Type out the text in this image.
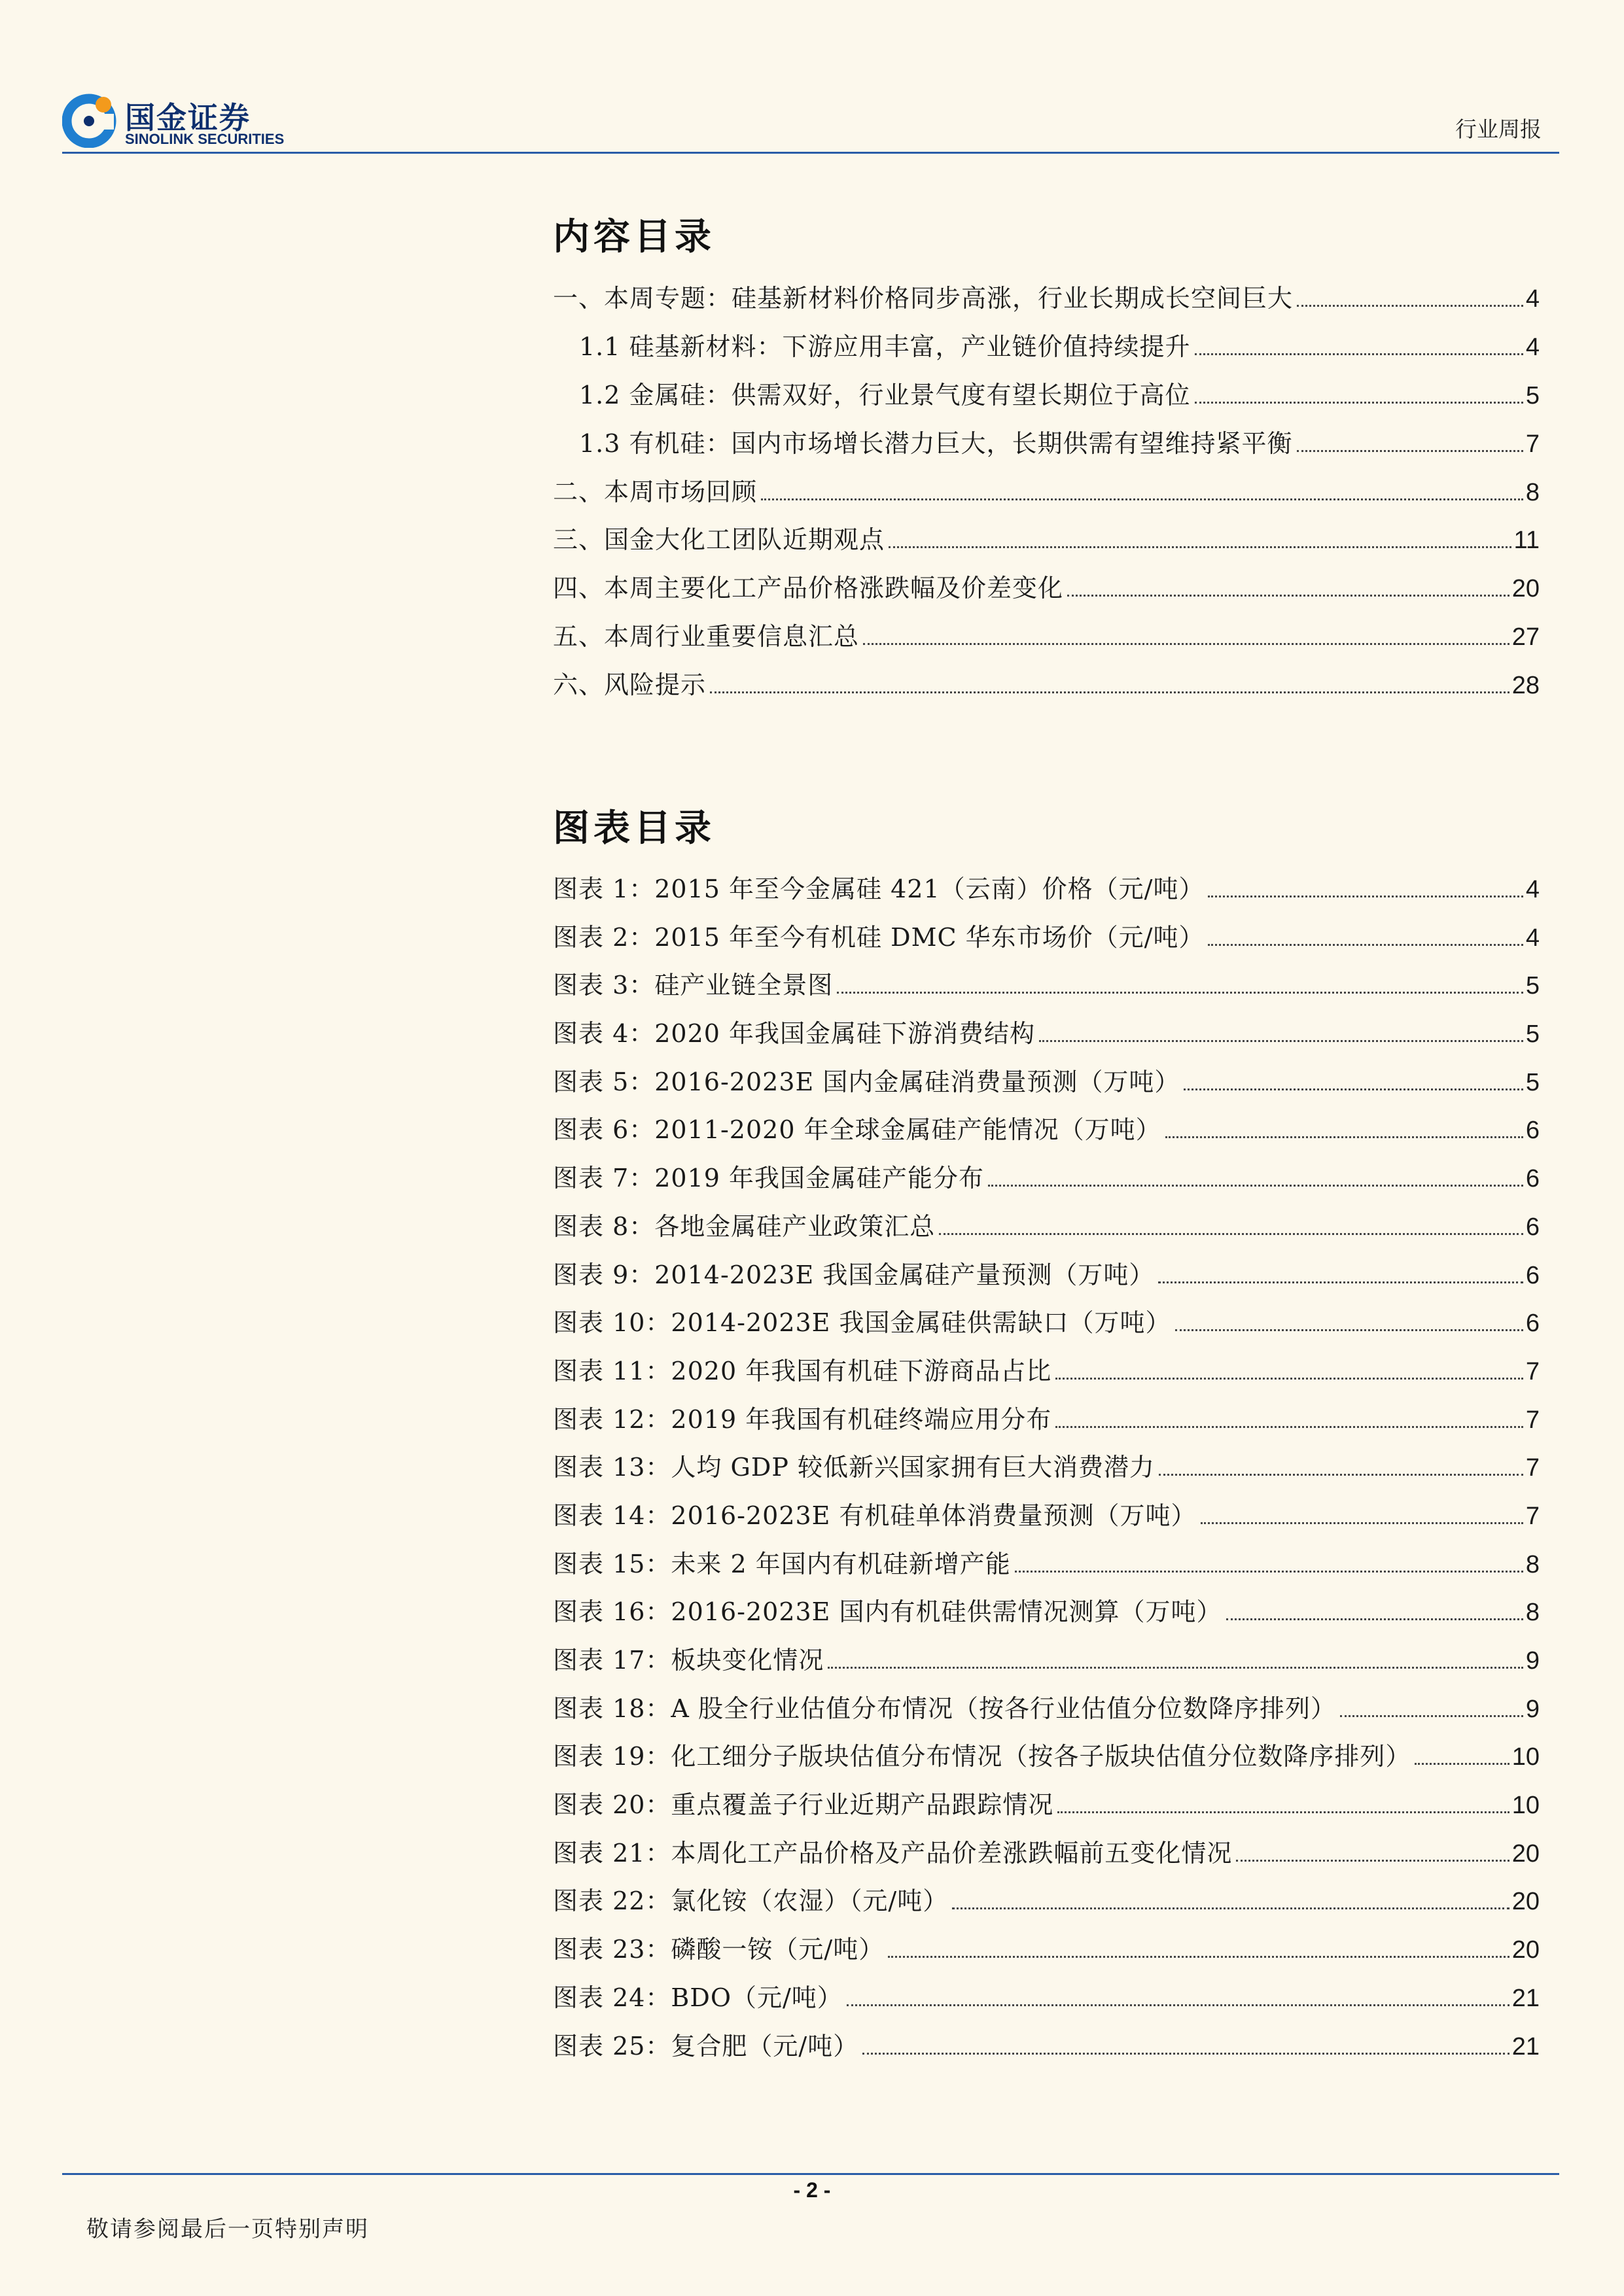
国金证券
SINOLINK SECURITIES	行业周报
内容目录
一、本周专题：硅基新材料价格同步高涨，行业长期成长空间巨大	4
1.1 硅基新材料：下游应用丰富，产业链价值持续提升	4
1.2 金属硅：供需双好，行业景气度有望长期位于高位	5
1.3 有机硅：国内市场增长潜力巨大，长期供需有望维持紧平衡	7
二、本周市场回顾	8
三、国金大化工团队近期观点	11
四、本周主要化工产品价格涨跌幅及价差变化	20
五、本周行业重要信息汇总	27
六、风险提示	28
图表目录
图表 1：2015 年至今金属硅 421（云南）价格（元/吨）	4
图表 2：2015 年至今有机硅 DMC 华东市场价（元/吨）	4
图表 3：硅产业链全景图	5
图表 4：2020 年我国金属硅下游消费结构	5
图表 5：2016-2023E 国内金属硅消费量预测（万吨）	5
图表 6：2011-2020 年全球金属硅产能情况（万吨）	6
图表 7：2019 年我国金属硅产能分布	6
图表 8：各地金属硅产业政策汇总	6
图表 9：2014-2023E 我国金属硅产量预测（万吨）	6
图表 10：2014-2023E 我国金属硅供需缺口（万吨）	6
图表 11：2020 年我国有机硅下游商品占比	7
图表 12：2019 年我国有机硅终端应用分布	7
图表 13：人均 GDP 较低新兴国家拥有巨大消费潜力	7
图表 14：2016-2023E 有机硅单体消费量预测（万吨）	7
图表 15：未来 2 年国内有机硅新增产能	8
图表 16：2016-2023E 国内有机硅供需情况测算（万吨）	8
图表 17：板块变化情况	9
图表 18：A 股全行业估值分布情况（按各行业估值分位数降序排列）	9
图表 19：化工细分子版块估值分布情况（按各子版块估值分位数降序排列）	10
图表 20：重点覆盖子行业近期产品跟踪情况	10
图表 21：本周化工产品价格及产品价差涨跌幅前五变化情况	20
图表 22：氯化铵（农湿）（元/吨）	20
图表 23：磷酸一铵（元/吨）	20
图表 24：BDO（元/吨）	21
图表 25：复合肥（元/吨）	21
- 2 -
敬请参阅最后一页特别声明
